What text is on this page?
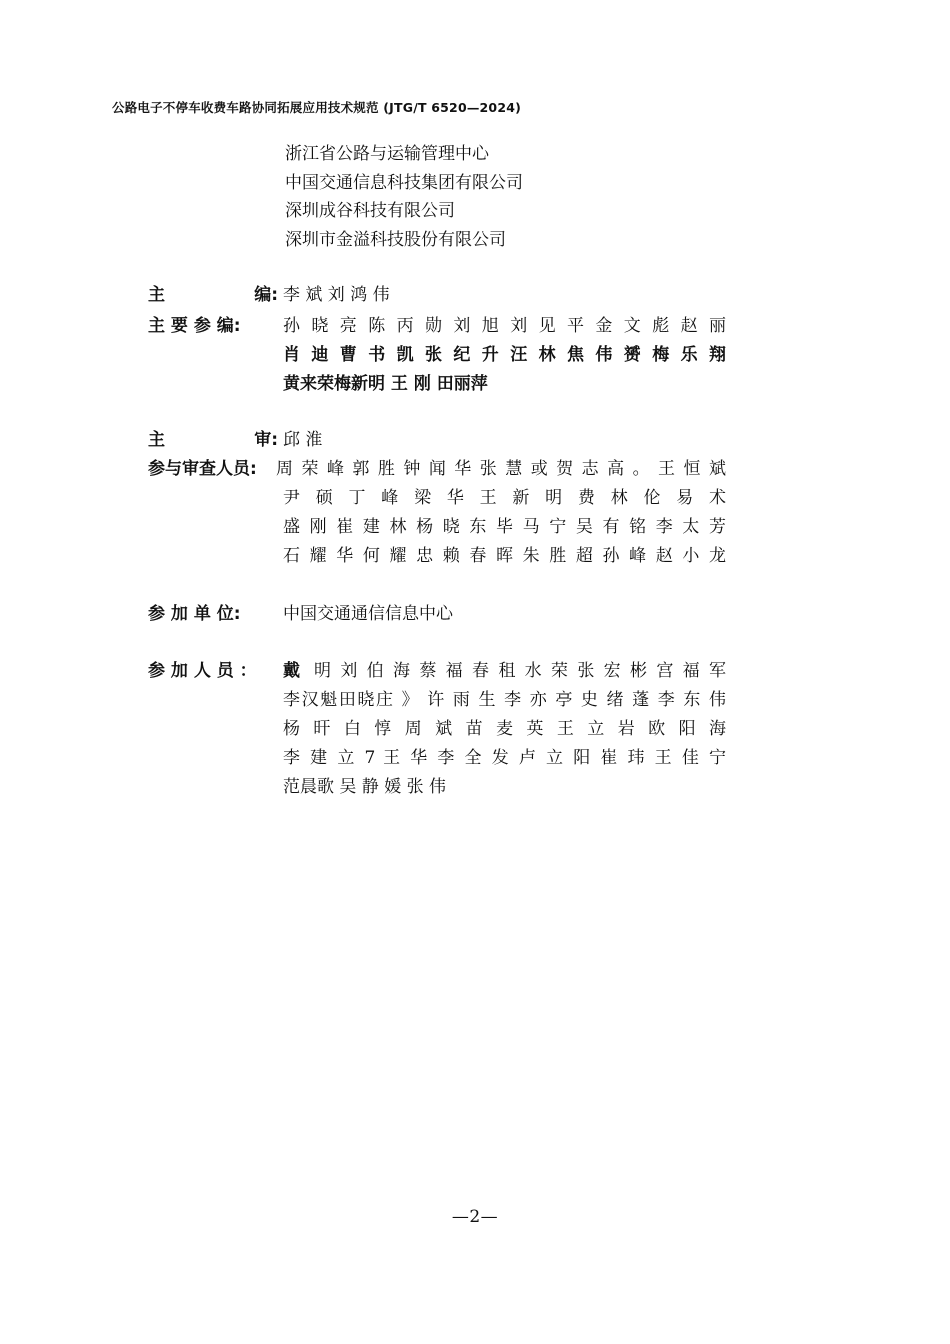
公路电子不停车收费车路协同拓展应用技术规范 (JTG/T 6520—2024)
浙江省公路与运输管理中心
中国交通信息科技集团有限公司
深圳成谷科技有限公司
深圳市金溢科技股份有限公司
主	编: 李 斌 刘 鸿 伟
主 要 参 编 : 孙 晓 亮 陈 丙 勋 刘 旭 刘 见 平 金 文 彪 赵 丽
肖 迪 曹 书 凯 张 纪 升 汪 林 焦 伟 赟 梅 乐 翔
黄来荣梅新明 王 刚 田丽萍
主	审: 邱 淮
参与审查人员 : 周 荣 峰 郭 胜 钟 闻 华 张 慧 或 贺 志 高 。 王 恒 斌
尹 硕 丁 峰 梁 华 王 新 明 费 林 伦 易 术
盛 刚 崔 建 林 杨 晓 东 毕 马 宁 吴 有 铭 李 太 芳
石 耀 华 何 耀 忠 赖 春 晖 朱 胜 超 孙 峰 赵 小 龙
参 加 单 位 : 中国交通通信信息中心
参 加 人 员 ： 戴 明 刘 伯 海 蔡 福 春 租 水 荣 张 宏 彬 宫 福 军
李汉魁田晓庄 》 许 雨 生 李 亦 亭 史 绪 蓬 李 东 伟
杨 旰 白 惇 周 斌 苗 麦 英 王 立 岩 欧 阳 海
李 建 立 7 王 华 李 全 发 卢 立 阳 崔 玮 王 佳 宁
范晨歌 吴 静 媛 张 伟
—2—
